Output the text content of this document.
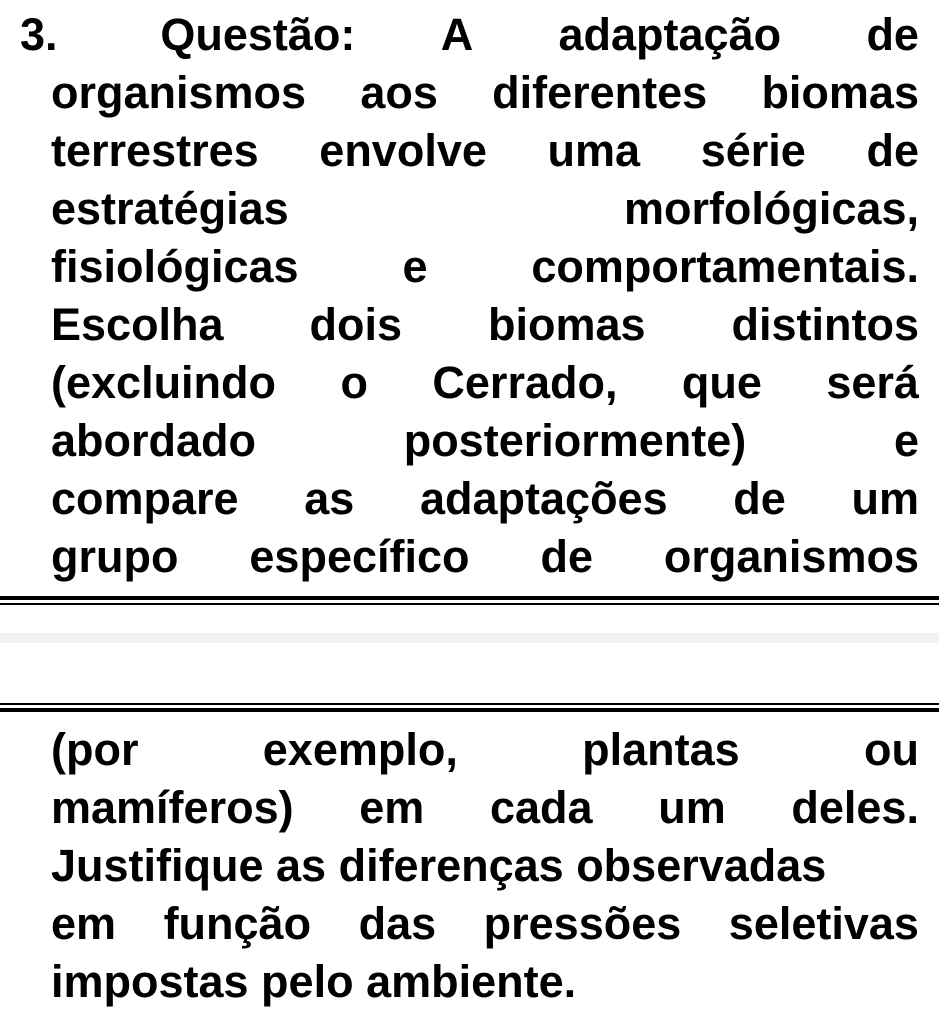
3.	Questão: A adaptação de
organismos aos diferentes biomas
terrestres envolve uma série de
estratégias	morfológicas,
fisiológicas e comportamentais.
Escolha dois biomas distintos
(excluindo o Cerrado, que será
abordado	posteriormente)	e
compare as adaptações de um
grupo específico de organismos
(por	exemplo,	plantas	ou
mamíferos) em cada um deles.
Justifique as diferenças observadas
em função das pressões seletivas
impostas pelo ambiente.
